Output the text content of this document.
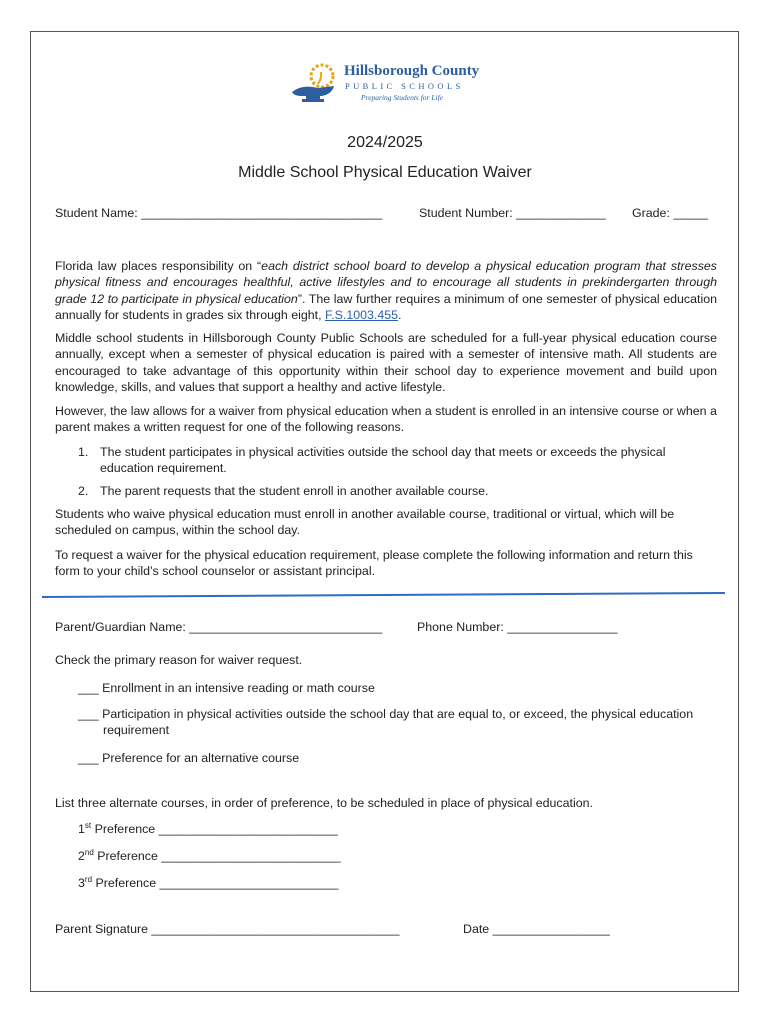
Hillsborough County
PUBLIC SCHOOLS
Preparing Students for Life
2024/2025
Middle School Physical Education Waiver
Student Name: ___________________________________	Student Number: _____________ Grade: _____
Florida law places responsibility on “each district school board to develop a physical education program that stresses physical fitness and encourages healthful, active lifestyles and to encourage all students in prekindergarten through grade 12 to participate in physical education”. The law further requires a minimum of one semester of physical education annually for students in grades six through eight, F.S.1003.455.
Middle school students in Hillsborough County Public Schools are scheduled for a full-year physical education course annually, except when a semester of physical education is paired with a semester of intensive math. All students are encouraged to take advantage of this opportunity within their school day to experience movement and build upon knowledge, skills, and values that support a healthy and active lifestyle.
However, the law allows for a waiver from physical education when a student is enrolled in an intensive course or when a parent makes a written request for one of the following reasons.
1. The student participates in physical activities outside the school day that meets or exceeds the physical education requirement.
2. The parent requests that the student enroll in another available course.
Students who waive physical education must enroll in another available course, traditional or virtual, which will be scheduled on campus, within the school day.
To request a waiver for the physical education requirement, please complete the following information and return this form to your child’s school counselor or assistant principal.
Parent/Guardian Name: ____________________________	Phone Number: ________________
Check the primary reason for waiver request.
___ Enrollment in an intensive reading or math course
___ Participation in physical activities outside the school day that are equal to, or exceed, the physical education requirement
___ Preference for an alternative course
List three alternate courses, in order of preference, to be scheduled in place of physical education.
1st Preference __________________________
2nd Preference __________________________
3rd Preference __________________________
Parent Signature ____________________________________	Date _________________
